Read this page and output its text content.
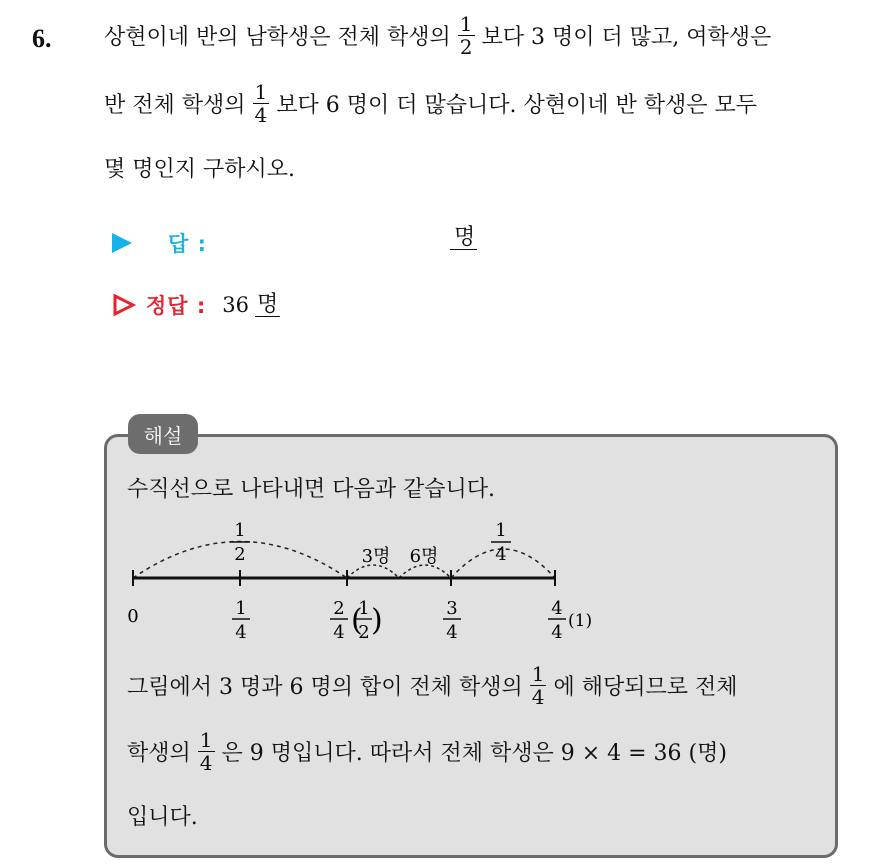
6. 상현이네 반의 남학생은 전체 학생의 $\frac{1}{2}$ 보다 3 명이 더 많고, 여학생은
반 전체 학생의 $\frac{1}{4}$ 보다 6 명이 더 많습니다. 상현이네 반 학생은 모두
몇 명인지 구하시오.
답 :	명
정답 : 36 명
해설
수직선으로 나타내면 다음과 같습니다.
1
2	3명 6명
1
4
0	1
4
2
4 (
1
2 )	3
4
4
4
(1)
그림에서 3 명과 6 명의 합이 전체 학생의 $\frac{1}{4}$ 에 해당되므로 전체
학생의 $\frac{1}{4}$ 은 9 명입니다. 따라서 전체 학생은 9 × 4 = 36 (명)
입니다.
